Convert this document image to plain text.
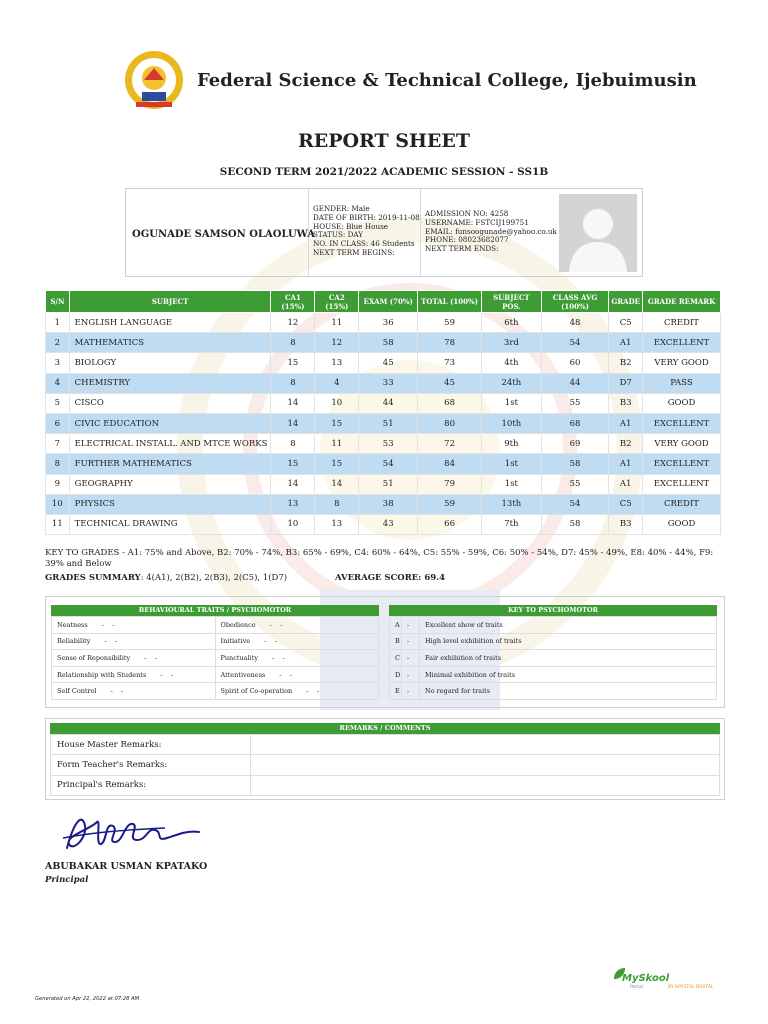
Federal Science & Technical College, Ijebuimusin
REPORT SHEET
SECOND TERM 2021/2022 ACADEMIC SESSION - SS1B
OGUNADE SAMSON OLAOLUWA
GENDER: Male
DATE OF BIRTH: 2019-11-08
HOUSE: Blue House
STATUS: DAY
NO. IN CLASS: 46 Students
NEXT TERM BEGINS:
ADMISSION NO: 4258
USERNAME: FSTCIJ199751
EMAIL: funsoogunade@yahoo.co.uk
PHONE: 08023682077
NEXT TERM ENDS:
S/N	SUBJECT	CA1 (15%)	CA2 (15%)	EXAM (70%)	TOTAL (100%)	SUBJECT POS.	CLASS AVG (100%)	GRADE	GRADE REMARK
1	ENGLISH LANGUAGE	12	11	36	59	6th	48	C5	CREDIT
2	MATHEMATICS	8	12	58	78	3rd	54	A1	EXCELLENT
3	BIOLOGY	15	13	45	73	4th	60	B2	VERY GOOD
4	CHEMISTRY	8	4	33	45	24th	44	D7	PASS
5	CISCO	14	10	44	68	1st	55	B3	GOOD
6	CIVIC EDUCATION	14	15	51	80	10th	68	A1	EXCELLENT
7	ELECTRICAL INSTALL. AND MTCE WORKS	8	11	53	72	9th	69	B2	VERY GOOD
8	FURTHER MATHEMATICS	15	15	54	84	1st	58	A1	EXCELLENT
9	GEOGRAPHY	14	14	51	79	1st	55	A1	EXCELLENT
10	PHYSICS	13	8	38	59	13th	54	C5	CREDIT
11	TECHNICAL DRAWING	10	13	43	66	7th	58	B3	GOOD
KEY TO GRADES - A1: 75% and Above, B2: 70% - 74%, B3: 65% - 69%, C4: 60% - 64%, C5: 55% - 59%, C6: 50% - 54%, D7: 45% - 49%, E8: 40% - 44%, F9: 39% and Below
GRADES SUMMARY: 4(A1), 2(B2), 2(B3), 2(C5), 1(D7)	AVERAGE SCORE: 69.4
BEHAVIOURAL TRAITS / PSYCHOMOTOR
Neatness -    -	Obedience -    -
Reliability -    -	Initiative -    -
Sense of Reponsibility -    -	Punctuality -    -
Relationship with Students -    -	Attentiveness -    -
Self Control -    -	Spirit of Co-operation -    -
KEY TO PSYCHOMOTOR
A	-	Excellent show of traits
B	-	High level exhibition of traits
C	-	Fair exhibition of traits
D	-	Minimal exhibition of traits
E	-	No regard for traits
REMARKS / COMMENTS
House Master Remarks:	
Form Teacher's Remarks:	
Principal's Remarks:	
ABUBAKAR USMAN KPATAKO
Principal
MySkool
Portal	BY KRYSTAL DIGITAL
Generated on Apr 22, 2022 at 07:28 AM
